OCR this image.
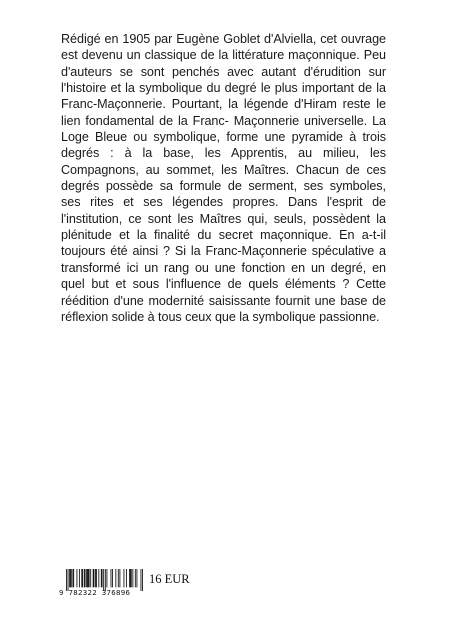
Rédigé en 1905 par Eugène Goblet d'Alviella, cet ouvrage est devenu un classique de la littérature maçonnique. Peu d'auteurs se sont penchés avec autant d'érudition sur l'histoire et la symbolique du degré le plus important de la Franc-Maçonnerie. Pourtant, la légende d'Hiram reste le lien fondamental de la Franc- Maçonnerie universelle. La Loge Bleue ou symbolique, forme une pyramide à trois degrés : à la base, les Apprentis, au milieu, les Compagnons, au sommet, les Maîtres. Chacun de ces degrés possède sa formule de serment, ses symboles, ses rites et ses légendes propres. Dans l'esprit de l'institution, ce sont les Maîtres qui, seuls, possèdent la plénitude et la finalité du secret maçonnique. En a-t-il toujours été ainsi ? Si la Franc-Maçonnerie spéculative a transformé ici un rang ou une fonction en un degré, en quel but et sous l'influence de quels éléments ? Cette réédition d'une modernité saisissante fournit une base de réflexion solide à tous ceux que la symbolique passionne.

9 782322 376896
16 EUR
